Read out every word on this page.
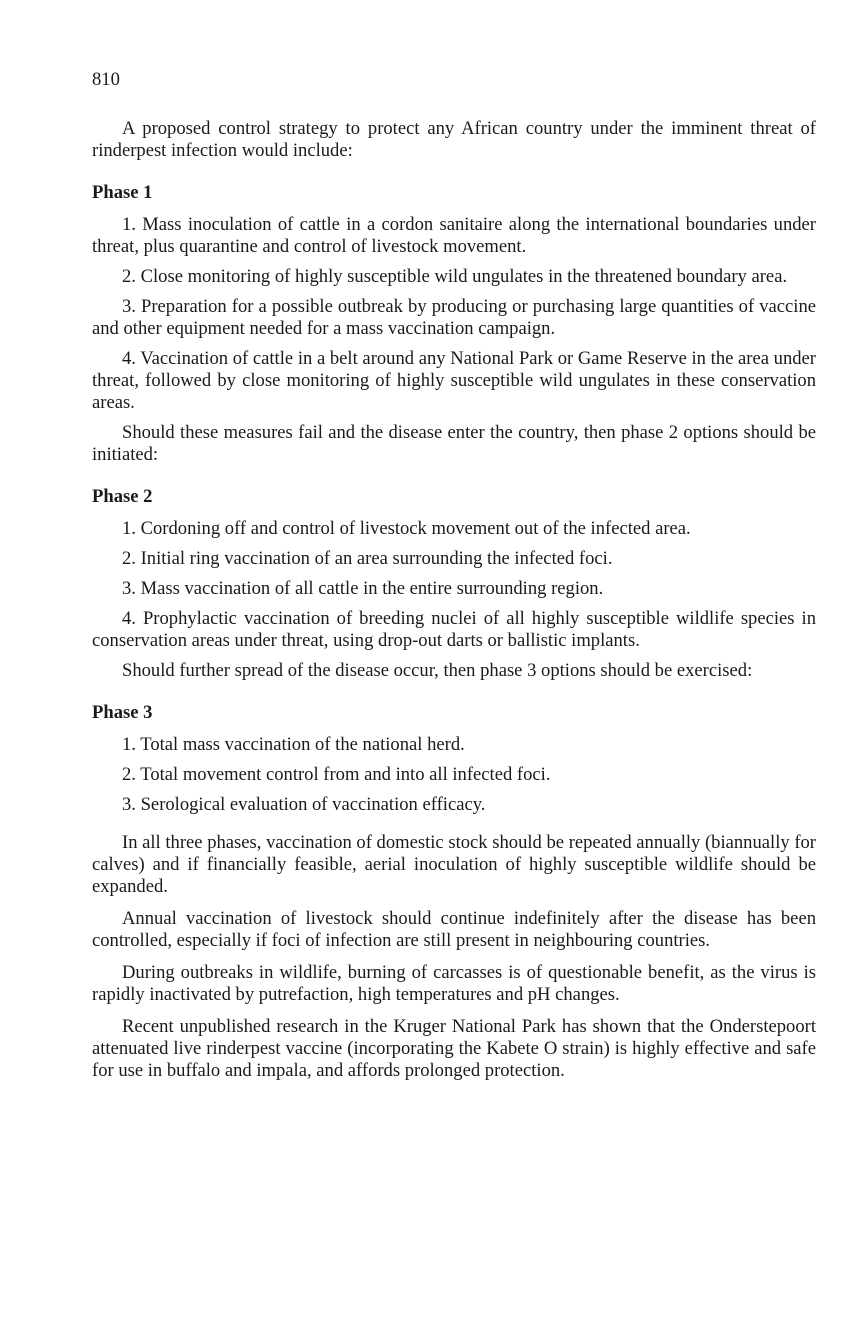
810

A proposed control strategy to protect any African country under the imminent threat of rinderpest infection would include:

Phase 1

1. Mass inoculation of cattle in a cordon sanitaire along the international boundaries under threat, plus quarantine and control of livestock movement.

2. Close monitoring of highly susceptible wild ungulates in the threatened boundary area.

3. Preparation for a possible outbreak by producing or purchasing large quantities of vaccine and other equipment needed for a mass vaccination campaign.

4. Vaccination of cattle in a belt around any National Park or Game Reserve in the area under threat, followed by close monitoring of highly susceptible wild ungulates in these conservation areas.

Should these measures fail and the disease enter the country, then phase 2 options should be initiated:

Phase 2

1. Cordoning off and control of livestock movement out of the infected area.

2. Initial ring vaccination of an area surrounding the infected foci.

3. Mass vaccination of all cattle in the entire surrounding region.

4. Prophylactic vaccination of breeding nuclei of all highly susceptible wildlife species in conservation areas under threat, using drop-out darts or ballistic implants.

Should further spread of the disease occur, then phase 3 options should be exercised:

Phase 3

1. Total mass vaccination of the national herd.

2. Total movement control from and into all infected foci.

3. Serological evaluation of vaccination efficacy.

In all three phases, vaccination of domestic stock should be repeated annually (biannually for calves) and if financially feasible, aerial inoculation of highly susceptible wildlife should be expanded.

Annual vaccination of livestock should continue indefinitely after the disease has been controlled, especially if foci of infection are still present in neighbouring countries.

During outbreaks in wildlife, burning of carcasses is of questionable benefit, as the virus is rapidly inactivated by putrefaction, high temperatures and pH changes.

Recent unpublished research in the Kruger National Park has shown that the Onderstepoort attenuated live rinderpest vaccine (incorporating the Kabete O strain) is highly effective and safe for use in buffalo and impala, and affords prolonged protection.
